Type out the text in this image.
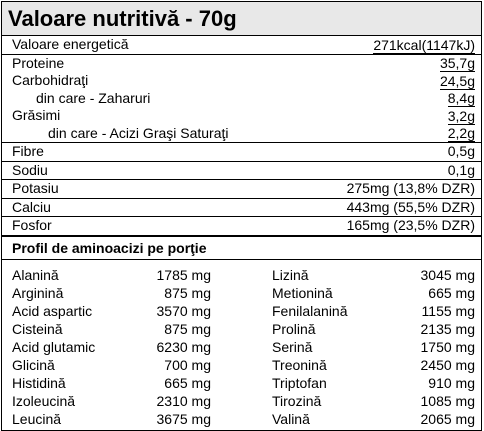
Valoare nutritivă - 70g
Valoare energetică	271kcal(1147kJ)
Proteine	35,7g
Carbohidraţi	24,5g
din care - Zaharuri	8,4g
Grăsimi	3,2g
din care - Acizi Graşi Saturaţi	2,2g
Fibre	0,5g
Sodiu	0,1g
Potasiu	275mg (13,8% DZR)
Calciu	443mg (55,5% DZR)
Fosfor	165mg (23,5% DZR)
Profil de aminoacizi pe porţie
Alanină	1785 mg	Lizină	3045 mg
Arginină	875 mg	Metionină	665 mg
Acid aspartic	3570 mg	Fenilalanină	1155 mg
Cisteină	875 mg	Prolină	2135 mg
Acid glutamic	6230 mg	Serină	1750 mg
Glicină	700 mg	Treonină	2450 mg
Histidină	665 mg	Triptofan	910 mg
Izoleucină	2310 mg	Tirozină	1085 mg
Leucină	3675 mg	Valină	2065 mg
